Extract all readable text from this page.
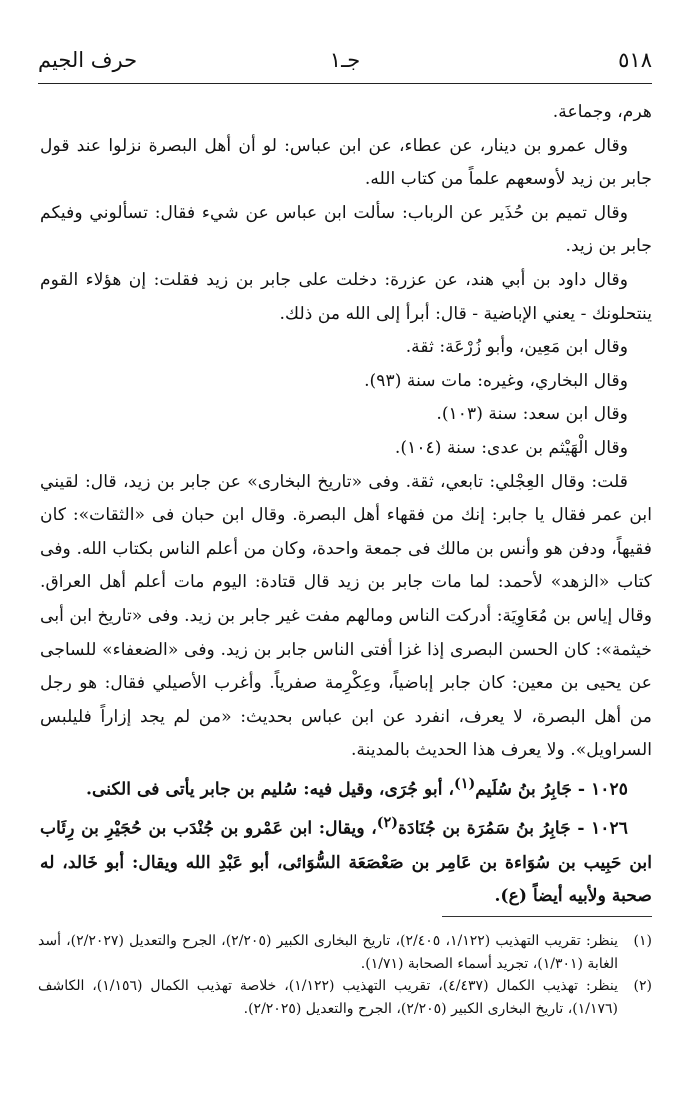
٥١٨
جـ١
حرف الجيم

هرم، وجماعة.

وقال عمرو بن دينار، عن عطاء، عن ابن عباس: لو أن أهل البصرة نزلوا عند قول جابر بن زيد لأوسعهم علماً من كتاب الله.

وقال تميم بن حُذَير عن الرباب: سألت ابن عباس عن شيء فقال: تسألوني وفيكم جابر بن زيد.

وقال داود بن أبي هند، عن عزرة: دخلت على جابر بن زيد فقلت: إن هؤلاء القوم ينتحلونك - يعني الإباضية - قال: أبرأ إلى الله من ذلك.

وقال ابن مَعِين، وأبو زُرْعَة: ثقة.

وقال البخاري، وغيره: مات سنة (٩٣).

وقال ابن سعد: سنة (١٠٣).

وقال الْهَيْثم بن عدى: سنة (١٠٤).

قلت: وقال العِجْلي: تابعي، ثقة. وفى «تاريخ البخارى» عن جابر بن زيد، قال: لقيني ابن عمر فقال يا جابر: إنك من فقهاء أهل البصرة. وقال ابن حبان فى «الثقات»: كان فقيهاً، ودفن هو وأنس بن مالك فى جمعة واحدة، وكان من أعلم الناس بكتاب الله. وفى كتاب «الزهد» لأحمد: لما مات جابر بن زيد قال قتادة: اليوم مات أعلم أهل العراق. وقال إياس بن مُعَاوِيَة: أدركت الناس ومالهم مفت غير جابر بن زيد. وفى «تاريخ ابن أبى خيثمة»: كان الحسن البصرى إذا غزا أفتى الناس جابر بن زيد. وفى «الضعفاء» للساجى عن يحيى بن معين: كان جابر إباضياً، وعِكْرِمة صفرياً. وأغرب الأصيلي فقال: هو رجل من أهل البصرة، لا يعرف، انفرد عن ابن عباس بحديث: «من لم يجد إزاراً فليلبس السراويل». ولا يعرف هذا الحديث بالمدينة.

١٠٢٥ - جَابِرُ بنُ سُلَيم$^{(١)}$، أبو جُرَى، وقيل فيه: سُليم بن جابر يأتى فى الكنى.

١٠٢٦ - جَابِرُ بنُ سَمُرَة بن جُنَادَة$^{(٢)}$، ويقال: ابن عَمْرو بن جُنْدَب بن حُجَيْرِ بن رِئَاب ابن حَبِيب بن سُوَاءة بن عَامِر بن صَعْصَعَة السُّوَائى، أبو عَبْدِ الله ويقال: أبو خَالد، له صحبة ولأبيه أيضاً (ع).

(١)
ينظر: تقريب التهذيب (١/١٢٢، ٢/٤٠٥)، تاريخ البخارى الكبير (٢/٢٠٥)، الجرح والتعديل (٢/٢٠٢٧)، أسد الغابة (١/٣٠١)، تجريد أسماء الصحابة (١/٧١).
(٢)
ينظر: تهذيب الكمال (٤/٤٣٧)، تقريب التهذيب (١/١٢٢)، خلاصة تهذيب الكمال (١/١٥٦)، الكاشف (١/١٧٦)، تاريخ البخارى الكبير (٢/٢٠٥)، الجرح والتعديل (٢/٢٠٢٥).
